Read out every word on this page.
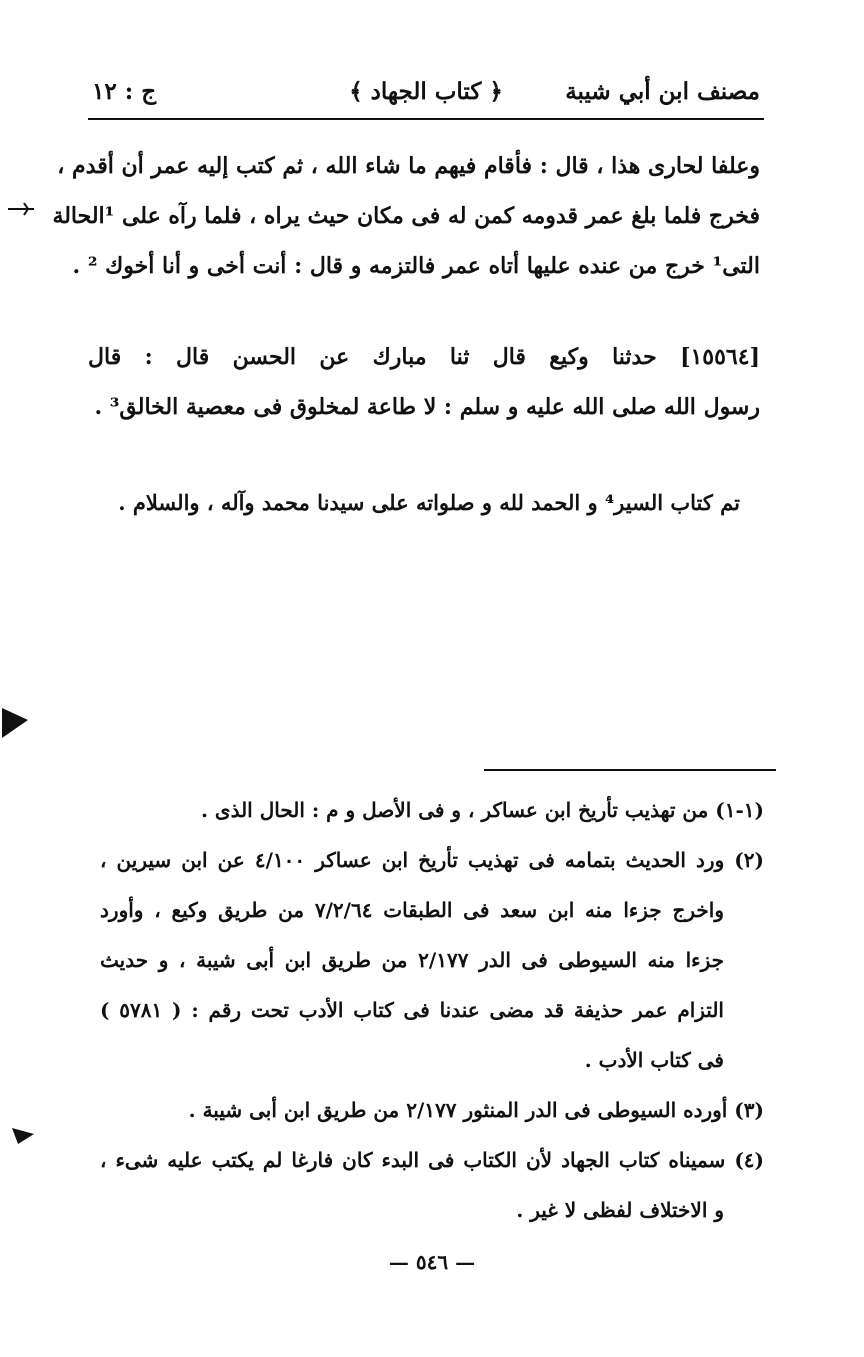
مصنف ابن أبي شيبة
﴿ كتاب الجهاد ﴾
ج : ١٢

وعلفا لحارى هذا ، قال : فأقام فيهم ما شاء الله ، ثم كتب إليه عمر أن أقدم ،

فخرج فلما بلغ عمر قدومه كمن له فى مكان حيث يراه ، فلما رآه على ¹الحالة

التى¹ خرج من عنده عليها أتاه عمر فالتزمه و قال : أنت أخى و أنا أخوك ² .

[١٥٥٦٤] حدثنا وكيع قال ثنا مبارك عن الحسن قال : قال

رسول الله صلى الله عليه و سلم : لا طاعة لمخلوق فى معصية الخالق³ .

تم كتاب السير⁴ و الحمد لله و صلواته على سيدنا محمد وآله ، والسلام .

(١-١) من تهذيب تأريخ ابن عساكر ، و فى الأصل و م : الحال الذى .

(٢) ورد الحديث بتمامه فى تهذيب تأريخ ابن عساكر ٤/١٠٠ عن ابن سيرين ،

واخرج جزءا منه ابن سعد فى الطبقات ٧/٢/٦٤ من طريق وكيع ، وأورد

جزءا منه السيوطى فى الدر ٢/١٧٧ من طريق ابن أبى شيبة ، و حديث

التزام عمر حذيفة قد مضى عندنا فى كتاب الأدب تحت رقم : ( ٥٧٨١ )

فى كتاب الأدب .

(٣) أورده السيوطى فى الدر المنثور ٢/١٧٧ من طريق ابن أبى شيبة .

(٤) سميناه كتاب الجهاد لأن الكتاب فى البدء كان فارغا لم يكتب عليه شىء ،

و الاختلاف لفظى لا غير .

— ٥٤٦ —
